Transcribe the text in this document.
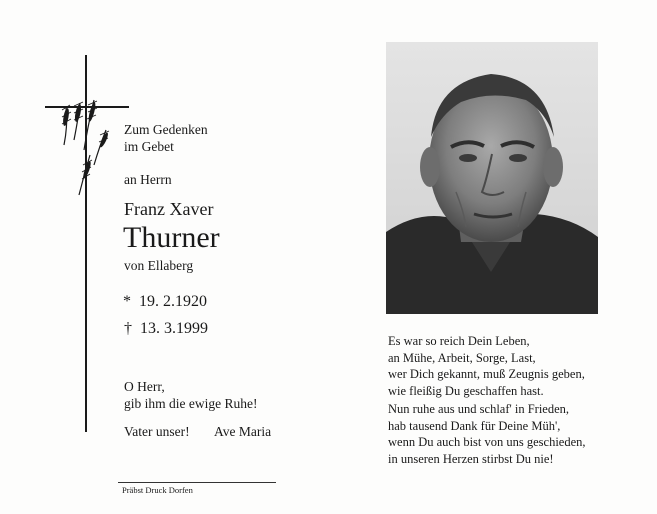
Zum Gedenken
im Gebet
an Herrn
Franz Xaver
Thurner
von Ellaberg
* 19. 2.1920
† 13. 3.1999
O Herr,
gib ihm die ewige Ruhe!
Vater unser! Ave Maria
Präbst Druck Dorfen
Es war so reich Dein Leben,
an Mühe, Arbeit, Sorge, Last,
wer Dich gekannt, muß Zeugnis geben,
wie fleißig Du geschaffen hast.
Nun ruhe aus und schlaf' in Frieden,
hab tausend Dank für Deine Müh',
wenn Du auch bist von uns geschieden,
in unseren Herzen stirbst Du nie!
